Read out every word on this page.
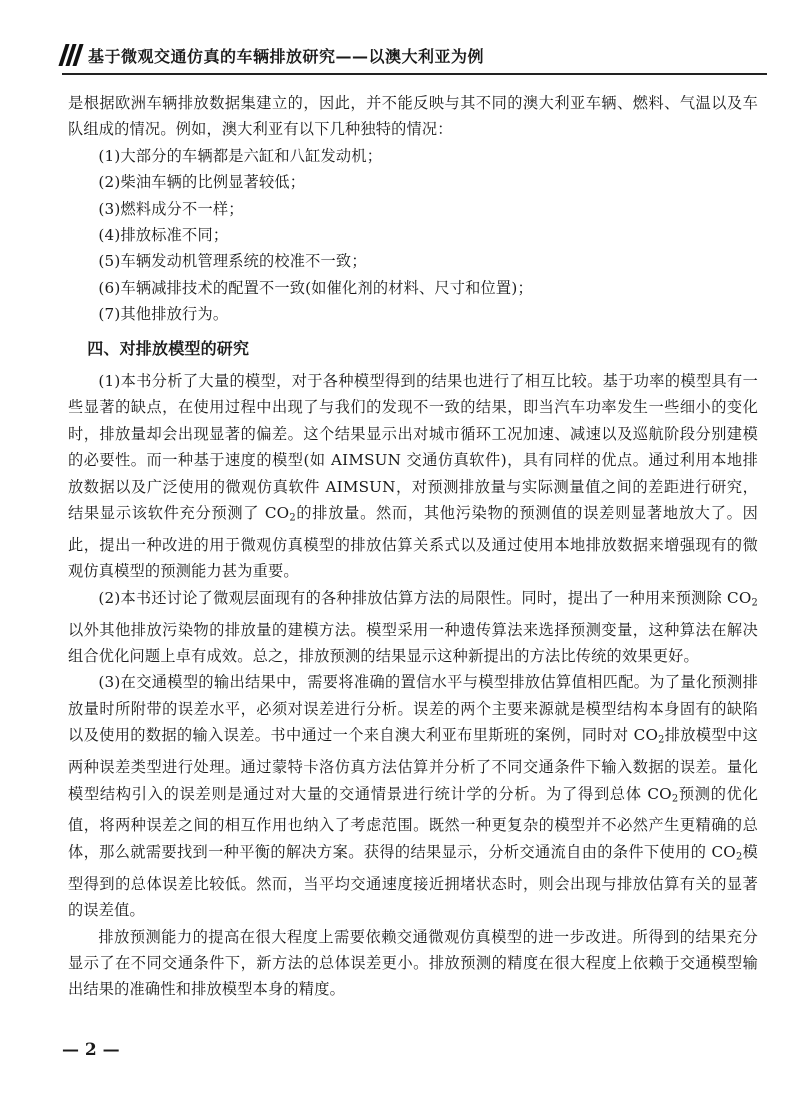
基于微观交通仿真的车辆排放研究——以澳大利亚为例

是根据欧洲车辆排放数据集建立的，因此，并不能反映与其不同的澳大利亚车辆、燃料、气温以及车队组成的情况。例如，澳大利亚有以下几种独特的情况：

(1)大部分的车辆都是六缸和八缸发动机；

(2)柴油车辆的比例显著较低；

(3)燃料成分不一样；

(4)排放标准不同；

(5)车辆发动机管理系统的校准不一致；

(6)车辆减排技术的配置不一致(如催化剂的材料、尺寸和位置)；

(7)其他排放行为。

四、对排放模型的研究

(1)本书分析了大量的模型，对于各种模型得到的结果也进行了相互比较。基于功率的模型具有一些显著的缺点，在使用过程中出现了与我们的发现不一致的结果，即当汽车功率发生一些细小的变化时，排放量却会出现显著的偏差。这个结果显示出对城市循环工况加速、减速以及巡航阶段分别建模的必要性。而一种基于速度的模型(如 AIMSUN 交通仿真软件)，具有同样的优点。通过利用本地排放数据以及广泛使用的微观仿真软件 AIMSUN，对预测排放量与实际测量值之间的差距进行研究，结果显示该软件充分预测了 $CO_2$的排放量。然而，其他污染物的预测值的误差则显著地放大了。因此，提出一种改进的用于微观仿真模型的排放估算关系式以及通过使用本地排放数据来增强现有的微观仿真模型的预测能力甚为重要。

(2)本书还讨论了微观层面现有的各种排放估算方法的局限性。同时，提出了一种用来预测除 $CO_2$以外其他排放污染物的排放量的建模方法。模型采用一种遗传算法来选择预测变量，这种算法在解决组合优化问题上卓有成效。总之，排放预测的结果显示这种新提出的方法比传统的效果更好。

(3)在交通模型的输出结果中，需要将准确的置信水平与模型排放估算值相匹配。为了量化预测排放量时所附带的误差水平，必须对误差进行分析。误差的两个主要来源就是模型结构本身固有的缺陷以及使用的数据的输入误差。书中通过一个来自澳大利亚布里斯班的案例，同时对 $CO_2$排放模型中这两种误差类型进行处理。通过蒙特卡洛仿真方法估算并分析了不同交通条件下输入数据的误差。量化模型结构引入的误差则是通过对大量的交通情景进行统计学的分析。为了得到总体 $CO_2$预测的优化值，将两种误差之间的相互作用也纳入了考虑范围。既然一种更复杂的模型并不必然产生更精确的总体，那么就需要找到一种平衡的解决方案。获得的结果显示，分析交通流自由的条件下使用的 $CO_2$模型得到的总体误差比较低。然而，当平均交通速度接近拥堵状态时，则会出现与排放估算有关的显著的误差值。

排放预测能力的提高在很大程度上需要依赖交通微观仿真模型的进一步改进。所得到的结果充分显示了在不同交通条件下，新方法的总体误差更小。排放预测的精度在很大程度上依赖于交通模型输出结果的准确性和排放模型本身的精度。

— 2 —
